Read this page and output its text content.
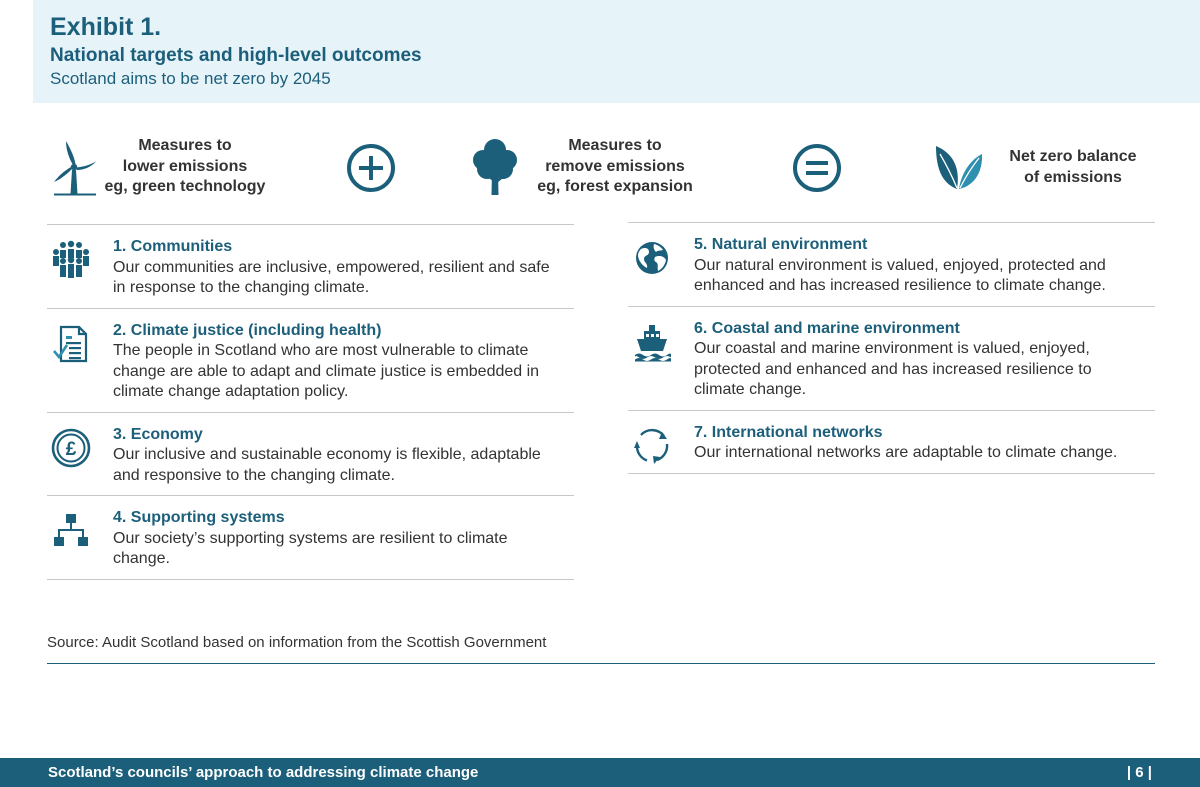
Exhibit 1.
National targets and high-level outcomes
Scotland aims to be net zero by 2045
Measures to
lower emissions
eg, green technology
Measures to
remove emissions
eg, forest expansion
Net zero balance
of emissions
1. Communities
Our communities are inclusive, empowered, resilient and safe
in response to the changing climate.
2. Climate justice (including health)
The people in Scotland who are most vulnerable to climate
change are able to adapt and climate justice is embedded in
climate change adaptation policy.
£
3. Economy
Our inclusive and sustainable economy is flexible, adaptable
and responsive to the changing climate.
4. Supporting systems
Our society’s supporting systems are resilient to climate
change.
5. Natural environment
Our natural environment is valued, enjoyed, protected and
enhanced and has increased resilience to climate change.
6. Coastal and marine environment
Our coastal and marine environment is valued, enjoyed,
protected and enhanced and has increased resilience to
climate change.
7. International networks
Our international networks are adaptable to climate change.
Source: Audit Scotland based on information from the Scottish Government
Scotland’s councils’ approach to addressing climate change	| 6 |
